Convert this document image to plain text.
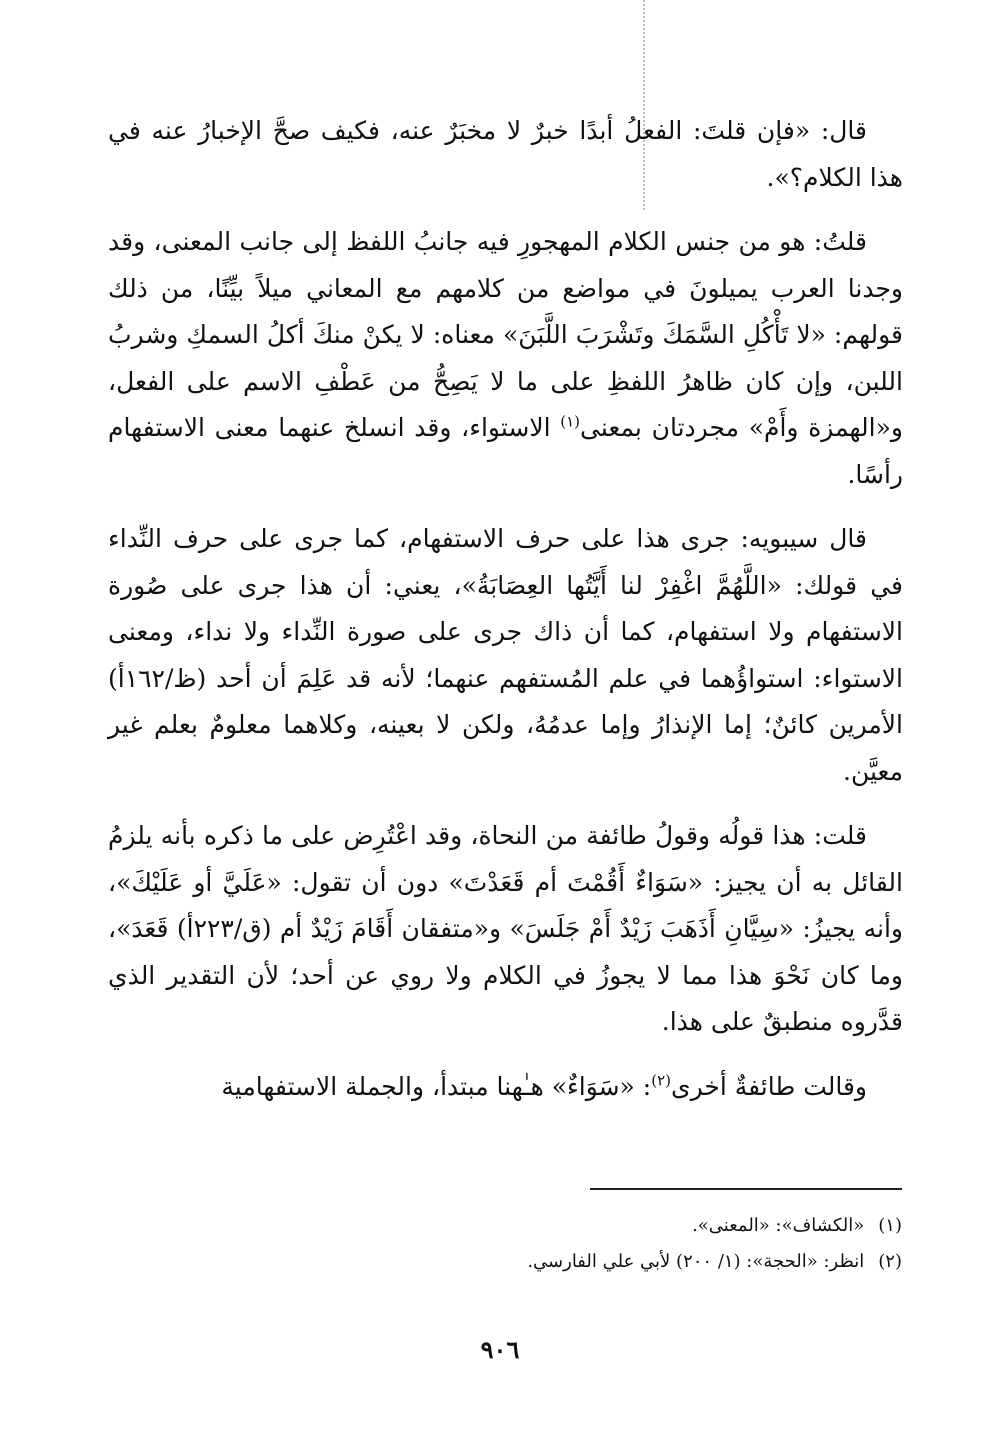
قال: «فإن قلتَ: الفعلُ أبدًا خبرٌ لا مخبَرٌ عنه، فكيف صحَّ الإخبارُ عنه في هذا الكلام؟».

قلتُ: هو من جنس الكلام المهجورِ فيه جانبُ اللفظ إلى جانب المعنى، وقد وجدنا العرب يميلونَ في مواضع من كلامهم مع المعاني ميلاً بيِّنًا، من ذلك قولهم: «لا تَأْكُلِ السَّمَكَ وتَشْرَبَ اللَّبَنَ» معناه: لا يكنْ منكَ أكلُ السمكِ وشربُ اللبن، وإن كان ظاهرُ اللفظِ على ما لا يَصِحُّ من عَطْفِ الاسم على الفعل، و«الهمزة وأَمْ» مجردتان بمعنى$^{(١)}$ الاستواء، وقد انسلخ عنهما معنى الاستفهام رأسًا.

قال سيبويه: جرى هذا على حرف الاستفهام، كما جرى على حرف النِّداء في قولك: «اللَّهُمَّ اغْفِرْ لنا أَيَّتُها العِصَابَةُ»، يعني: أن هذا جرى على صُورة الاستفهام ولا استفهام، كما أن ذاك جرى على صورة النِّداء ولا نداء، ومعنى الاستواء: استواؤُهما في علم المُستفهم عنهما؛ لأنه قد عَلِمَ أن أحد (ظ/١٦٢أ) الأمرين كائنٌ؛ إما الإنذارُ وإما عدمُهُ، ولكن لا بعينه، وكلاهما معلومٌ بعلم غير معيَّن.

قلت: هذا قولُه وقولُ طائفة من النحاة، وقد اعْتُرِض على ما ذكره بأنه يلزمُ القائل به أن يجيز: «سَوَاءٌ أَقُمْتَ أم قَعَدْتَ» دون أن تقول: «عَلَيَّ أو عَلَيْكَ»، وأنه يجيزُ: «سِيَّانِ أَذَهَبَ زَيْدٌ أَمْ جَلَسَ» و«متفقان أَقَامَ زَيْدٌ أم (ق/٢٢٣أ) قَعَدَ»، وما كان نَحْوَ هذا مما لا يجوزُ في الكلام ولا روي عن أحد؛ لأن التقدير الذي قدَّروه منطبقٌ على هذا.

وقالت طائفةٌ أخرى$^{(٢)}$: «سَوَاءٌ» هـٰهنا مبتدأ، والجملة الاستفهامية

(١)«الكشاف»: «المعنى».
(٢)انظر: «الحجة»: (١/ ٢٠٠) لأبي علي الفارسي.
٩٠٦
